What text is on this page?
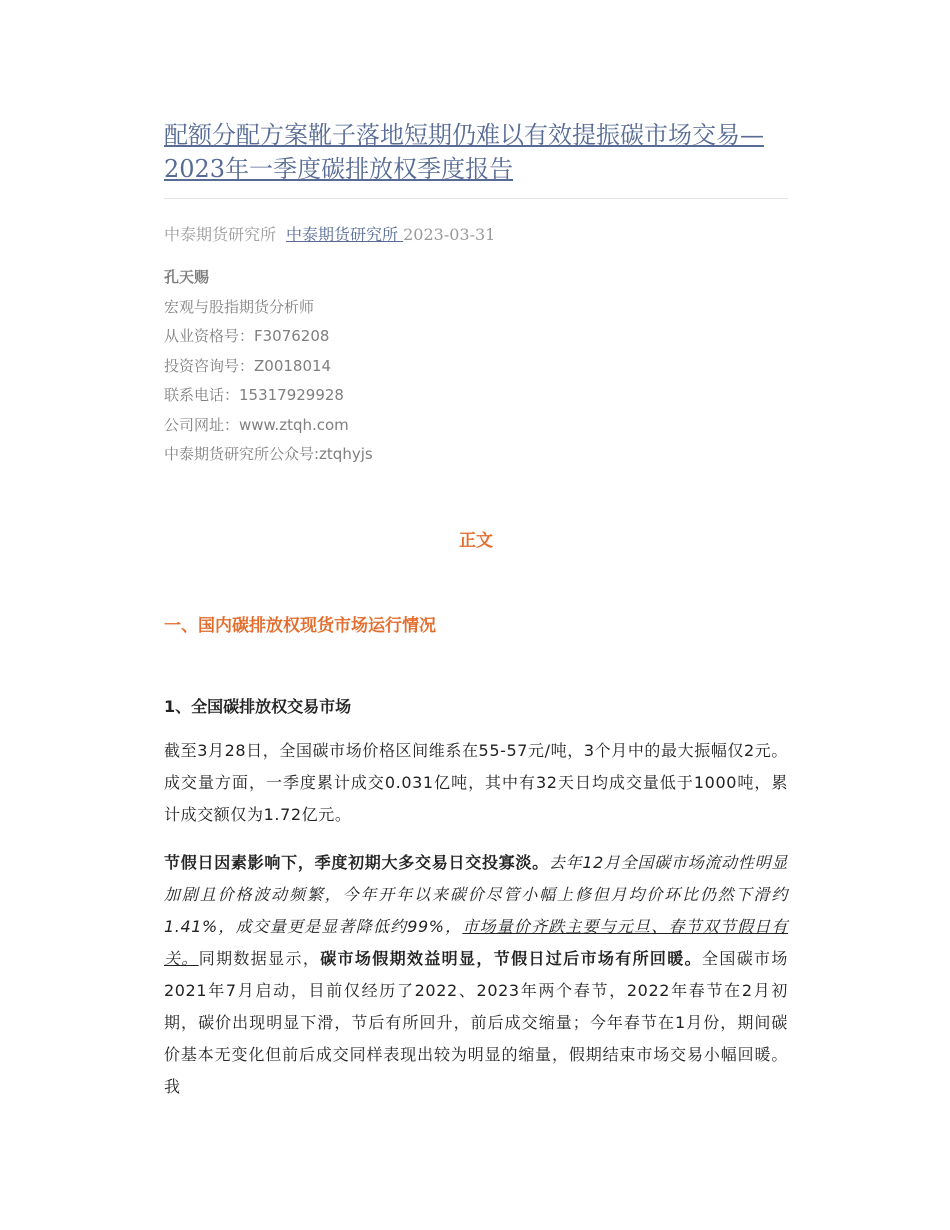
配额分配方案靴子落地短期仍难以有效提振碳市场交易—2023年一季度碳排放权季度报告
中泰期货研究所 中泰期货研究所 2023-03-31
孔天赐
宏观与股指期货分析师
从业资格号：F3076208
投资咨询号：Z0018014
联系电话：15317929928
公司网址：www.ztqh.com
中泰期货研究所公众号:ztqhyjs
正文
一、国内碳排放权现货市场运行情况
1、全国碳排放权交易市场

截至3月28日，全国碳市场价格区间维系在55-57元/吨，3个月中的最大振幅仅2元。成交量方面，一季度累计成交0.031亿吨，其中有32天日均成交量低于1000吨，累计成交额仅为1.72亿元。

节假日因素影响下，季度初期大多交易日交投寡淡。去年12月全国碳市场流动性明显加剧且价格波动频繁，今年开年以来碳价尽管小幅上修但月均价环比仍然下滑约1.41%，成交量更是显著降低约99%，市场量价齐跌主要与元旦、春节双节假日有关。同期数据显示，碳市场假期效益明显，节假日过后市场有所回暖。全国碳市场2021年7月启动，目前仅经历了2022、2023年两个春节，2022年春节在2月初期，碳价出现明显下滑，节后有所回升，前后成交缩量；今年春节在1月份，期间碳价基本无变化但前后成交同样表现出较为明显的缩量，假期结束市场交易小幅回暖。我
